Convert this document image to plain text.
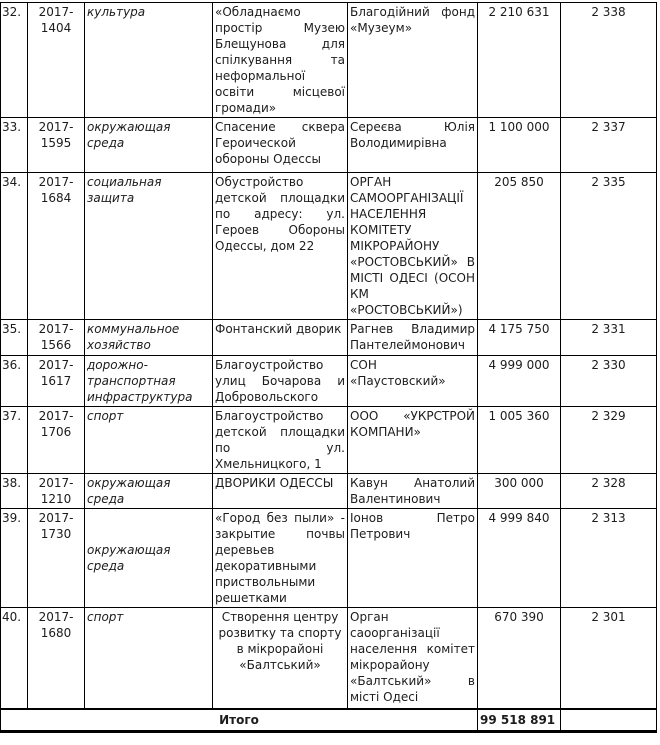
32.	2017-1404	культура	«Обладнаємо простір Музею Блещунова для спілкування та неформальної освіти місцевої громади»	Благодійний фонд «Музеум»	2 210 631	2 338
33.	2017-1595	окружающая среда	Спасение сквера Героической обороны Одессы	Сереєва Юлія Володимирівна	1 100 000	2 337
34.	2017-1684	социальная защита	Обустройство детской площадки по адресу: ул. Героев Обороны Одессы, дом 22	ОРГАН САМООРГАНІЗАЦІЇ НАСЕЛЕННЯ КОМІТЕТУ МІКРОРАЙОНУ «РОСТОВСЬКИЙ» В МІСТІ ОДЕСІ (ОСОН КМ «РОСТОВСЬКИЙ»)	205 850	2 335
35.	2017-1566	коммунальное хозяйство	Фонтанский дворик	Рагнев Владимир Пантелеймонович	4 175 750	2 331
36.	2017-1617	дорожно-транспортная инфраструктура	Благоустройство улиц Бочарова и Добровольского	СОН «Паустовский»	4 999 000	2 330
37.	2017-1706	спорт	Благоустройство детской площадки по ул. Хмельницкого, 1	ООО «УКРСТРОЙ КОМПАНИ»	1 005 360	2 329
38.	2017-1210	окружающая среда	ДВОРИКИ ОДЕССЫ	Кавун Анатолий Валентинович	300 000	2 328
39.	2017-1730	окружающая среда	«Город без пыли» - закрытие почвы деревьев декоративными приствольными решетками	Іонов Петро Петрович	4 999 840	2 313
40.	2017-1680	спорт	Створення центру розвитку та спорту в мікрорайоні «Балтський»	Орган саоорганізації населення комітет мікрорайону «Балтський» в місті Одесі	670 390	2 301
Итого					99 518 891	
